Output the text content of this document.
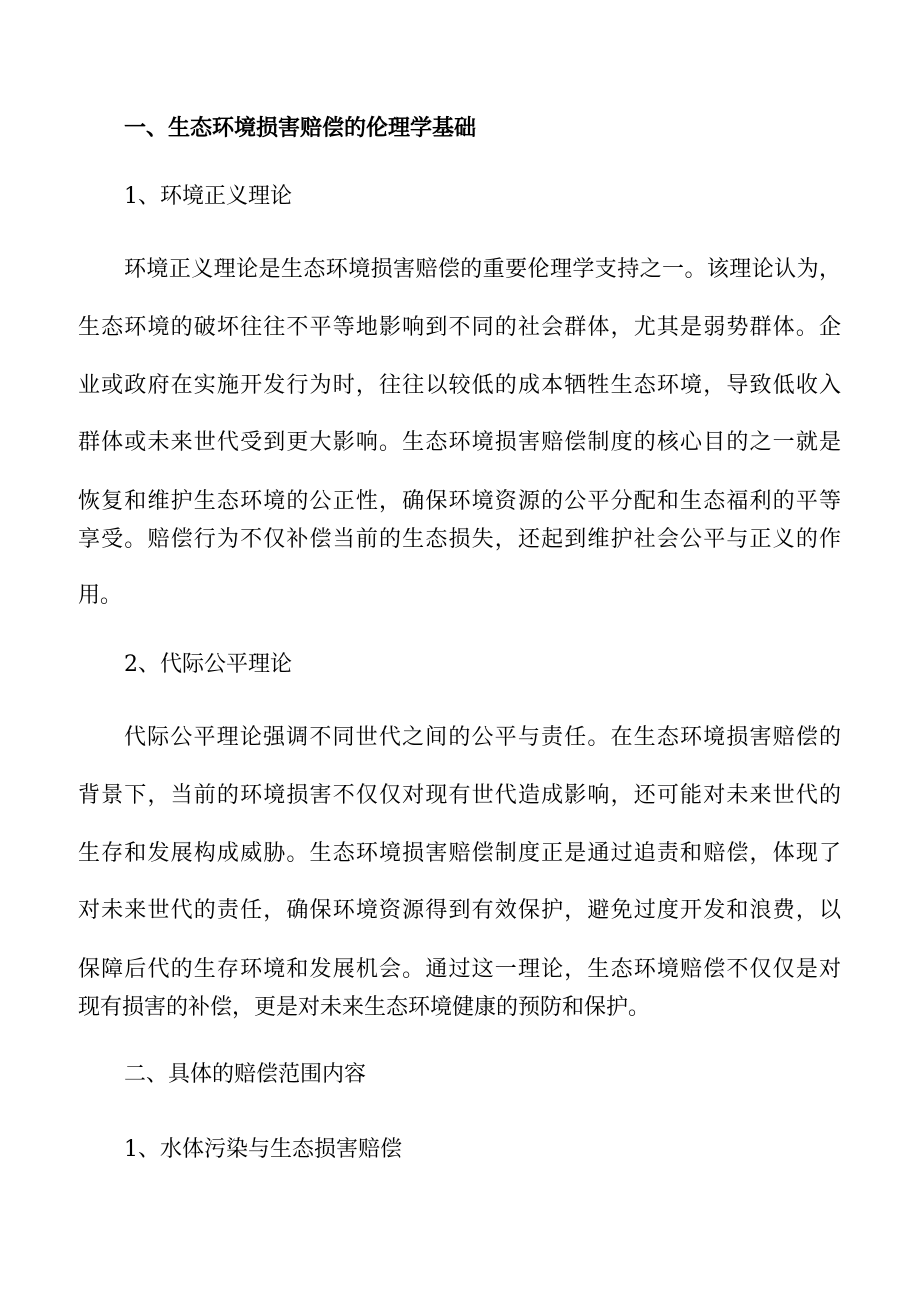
一、生态环境损害赔偿的伦理学基础
1、环境正义理论
环境正义理论是生态环境损害赔偿的重要伦理学支持之一。该理论认为，
生态环境的破坏往往不平等地影响到不同的社会群体，尤其是弱势群体。企
业或政府在实施开发行为时，往往以较低的成本牺牲生态环境，导致低收入
群体或未来世代受到更大影响。生态环境损害赔偿制度的核心目的之一就是
恢复和维护生态环境的公正性，确保环境资源的公平分配和生态福利的平等
享受。赔偿行为不仅补偿当前的生态损失，还起到维护社会公平与正义的作
用。
2、代际公平理论
代际公平理论强调不同世代之间的公平与责任。在生态环境损害赔偿的
背景下，当前的环境损害不仅仅对现有世代造成影响，还可能对未来世代的
生存和发展构成威胁。生态环境损害赔偿制度正是通过追责和赔偿，体现了
对未来世代的责任，确保环境资源得到有效保护，避免过度开发和浪费，以
保障后代的生存环境和发展机会。通过这一理论，生态环境赔偿不仅仅是对
现有损害的补偿，更是对未来生态环境健康的预防和保护。
二、具体的赔偿范围内容
1、水体污染与生态损害赔偿
